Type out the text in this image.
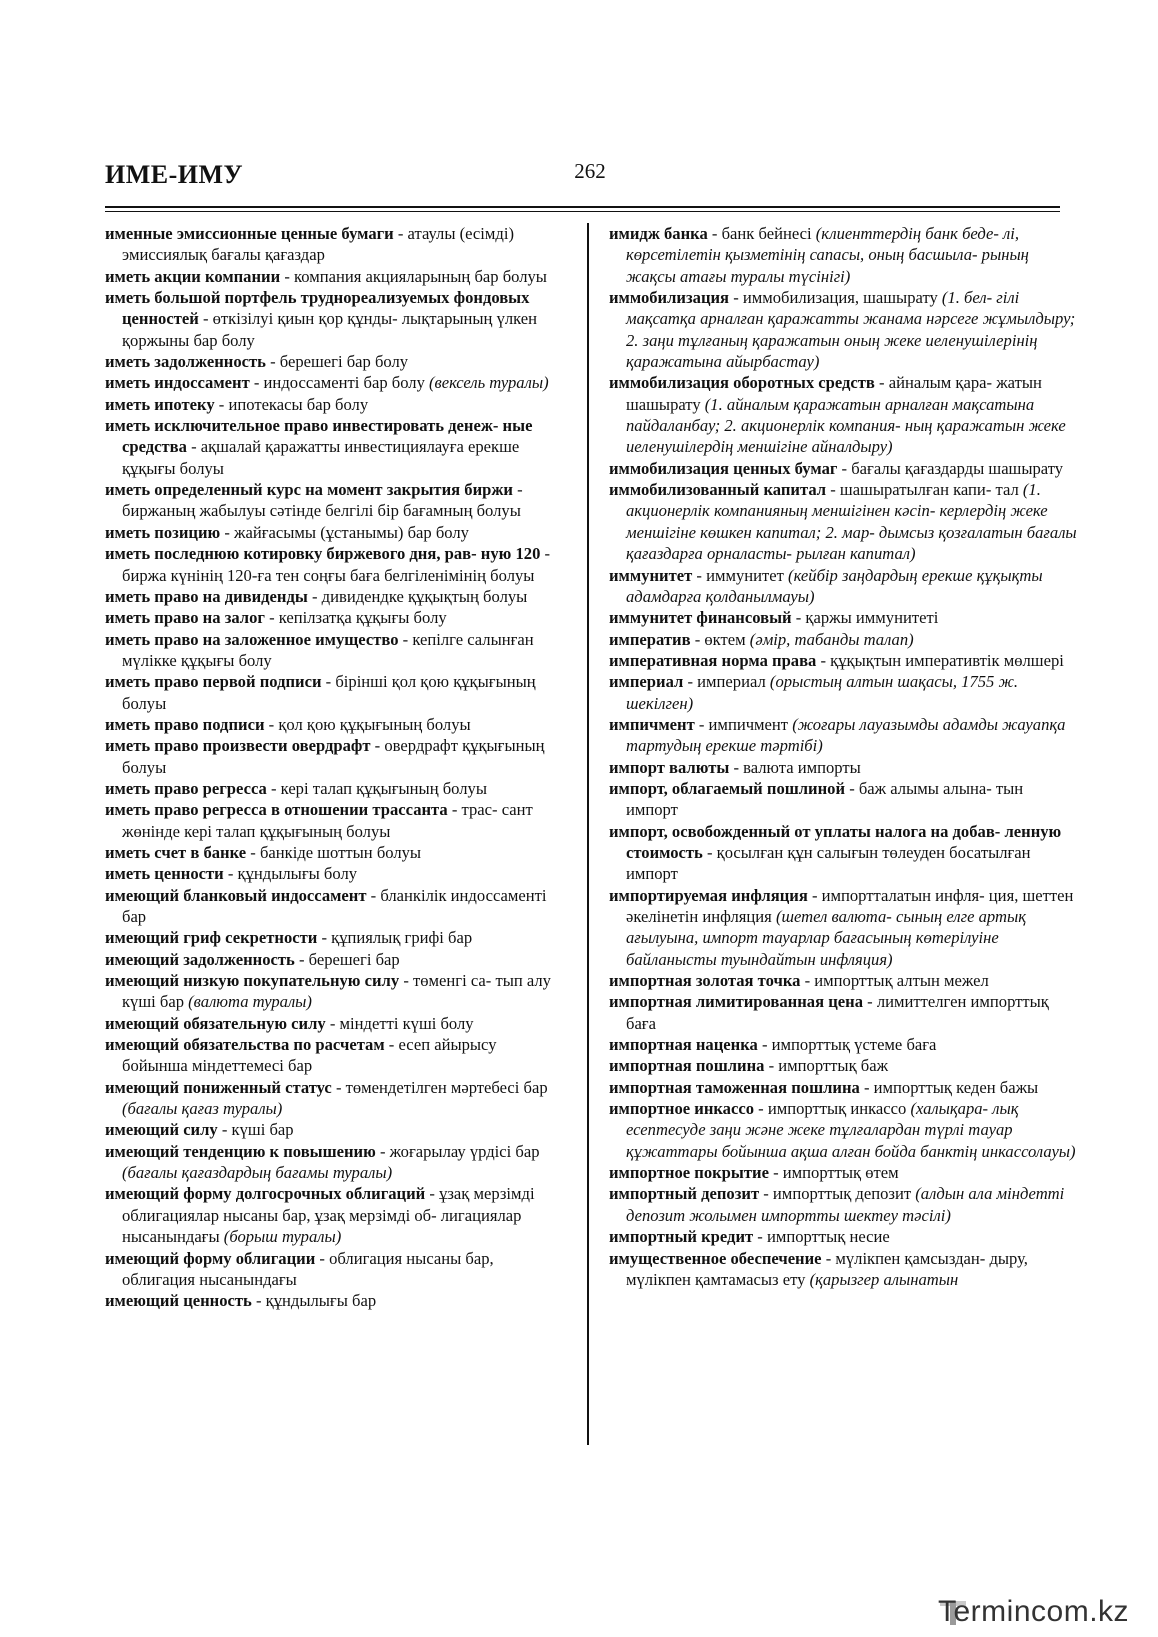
ИМЕ-ИМУ	262

именные эмиссионные ценные бумаги - атаулы (есімді) эмиссиялық бағалы қағаздар

иметь акции компании - компания акцияларының бар болуы

иметь большой портфель труднореализуемых фондовых ценностей - өткізілуі қиын қор құнды- лықтарының үлкен қоржыны бар болу

иметь задолженность - берешегі бар болу

иметь индоссамент - индоссаменті бар болу (вексель туралы)

иметь ипотеку - ипотекасы бар болу

иметь исключительное право инвестировать денеж- ные средства - ақшалай қаражатты инвестициялауға ерекше құқығы болуы

иметь определенный курс на момент закрытия биржи - биржаның жабылуы сәтінде белгілі бір бағамның болуы

иметь позицию - жайғасымы (ұстанымы) бар болу

иметь последнюю котировку биржевого дня, рав- ную 120 - биржа күнінің 120-ға тен соңғы баға белгіленімінің болуы

иметь право на дивиденды - дивидендке құқықтың болуы

иметь право на залог - кепілзатқа құқығы болу

иметь право на заложенное имущество - кепілге салынған мүлікке құқығы болу

иметь право первой подписи - бірінші қол қою құқығының болуы

иметь право подписи - қол қою құқығының болуы

иметь право произвести овердрафт - овердрафт құқығының болуы

иметь право регресса - кері талап құқығының болуы

иметь право регресса в отношении трассанта - трас- сант жөнінде кері талап құқығының болуы

иметь счет в банке - банкіде шоттын болуы

иметь ценности - құндылығы болу

имеющий бланковый индоссамент - бланкілік индоссаменті бар

имеющий гриф секретности - құпиялық грифі бар

имеющий задолженность - берешегі бар

имеющий низкую покупательную силу - төменгі са- тып алу күші бар (валюта туралы)

имеющий обязательную силу - міндетті күші болу

имеющий обязательства по расчетам - есеп айырысу бойынша міндеттемесі бар

имеющий пониженный статус - төмендетілген мәртебесі бар (бағалы қағаз туралы)

имеющий силу - күші бар

имеющий тенденцию к повышению - жоғарылау үрдісі бар (бағалы қағаздардың бағамы туралы)

имеющий форму долгосрочных облигаций - ұзақ мерзімді облигациялар нысаны бар, ұзақ мерзімді об- лигациялар нысанындағы (борыш туралы)

имеющий форму облигации - облигация нысаны бар, облигация нысанындағы

имеющий ценность - құндылығы бар

имидж банка - банк бейнесі (клиенттердің банк беде- лі, көрсетілетін қызметінің сапасы, оның басшыла- рының жақсы атағы туралы түсінігі)

иммобилизация - иммобилизация, шашырату (1. бел- гілі мақсатқа арналған қаражатты жанама нәрсеге жұмылдыру; 2. заңи тұлғаның қаражатын оның жеке иеленушілерінің қаражатына айырбастау)

иммобилизация оборотных средств - айналым қара- жатын шашырату (1. айналым қаражатын арналған мақсатына пайдаланбау; 2. акционерлік компания- ның қаражатын жеке иеленушілердің меншігіне айналдыру)

иммобилизация ценных бумаг - бағалы қағаздарды шашырату

иммобилизованный капитал - шашыратылған капи- тал (1. акционерлік компанияның меншігінен кәсіп- керлердің жеке меншігіне көшкен капитал; 2. мар- дымсыз қозғалатын бағалы қағаздарға орналасты- рылған капитал)

иммунитет - иммунитет (кейбір заңдардың ерекше құқықты адамдарға қолданылмауы)

иммунитет финансовый - қаржы иммунитеті

императив - өктем (әмір, табанды талап)

императивная норма права - құқықтын императивтік мөлшері

империал - империал (орыстың алтын шақасы, 1755 ж. шекілген)

импичмент - импичмент (жоғары лауазымды адамды жауапқа тартудың ерекше тәртібі)

импорт валюты - валюта импорты

импорт, облагаемый пошлиной - баж алымы алына- тын импорт

импорт, освобожденный от уплаты налога на добав- ленную стоимость - қосылған құн салығын төлеуден босатылған импорт

импортируемая инфляция - импортталатын инфля- ция, шеттен әкелінетін инфляция (шетел валюта- сының елге артық ағылуына, импорт тауарлар бағасының көтерілуіне байланысты туындайтын инфляция)

импортная золотая точка - импорттық алтын межел

импортная лимитированная цена - лимиттелген импорттық баға

импортная наценка - импорттық үстеме баға

импортная пошлина - импорттық баж

импортная таможенная пошлина - импорттық кеден бажы

импортное инкассо - импорттық инкассо (халықара- лық есептесуде заңи және жеке тұлғалардан түрлі тауар құжаттары бойынша ақша алған бойда банктің инкассолауы)

импортное покрытие - импорттық өтем

импортный депозит - импорттық депозит (алдын ала міндетті депозит жолымен импортты шектеу тәсілі)

импортный кредит - импорттық несие

имущественное обеспечение - мүлікпен қамсыздан- дыру, мүлікпен қамтамасыз ету (қарызгер алынатын

Termincom.kz
